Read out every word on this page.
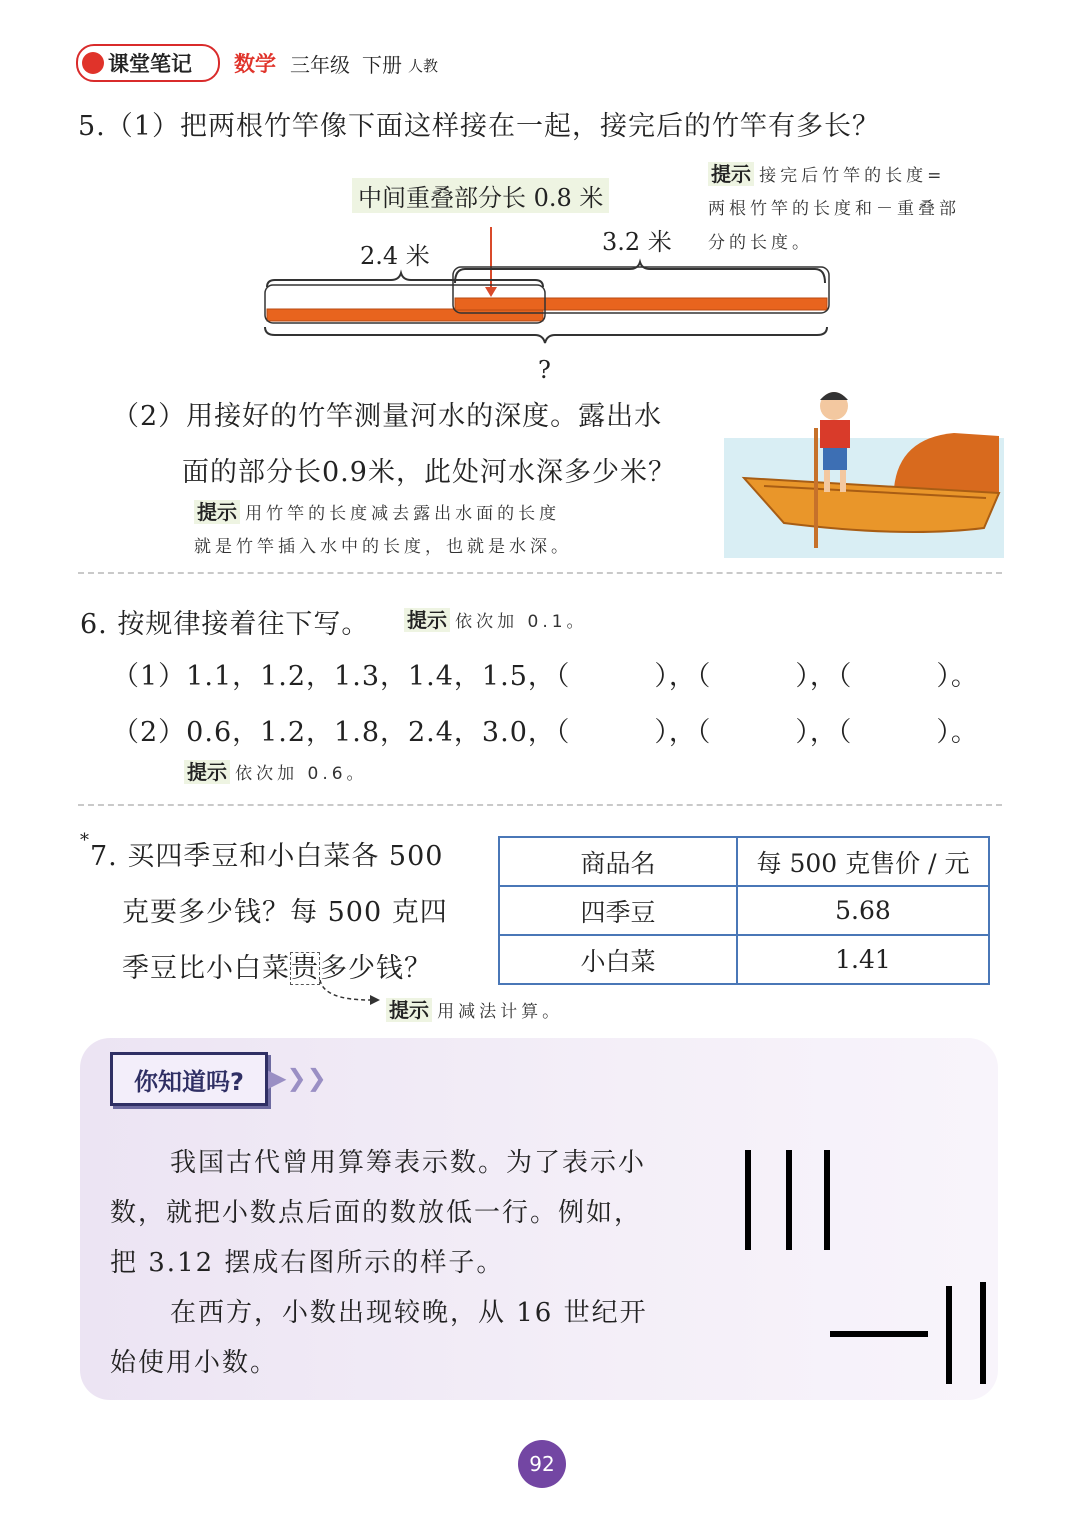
课堂笔记 数学 三年级 下册 人教
5.（1）把两根竹竿像下面这样接在一起，接完后的竹竿有多长？
中间重叠部分长 0.8 米
2.4 米	3.2 米
?
提示 接完后竹竿的长度=
两根竹竿的长度和－重叠部
分的长度。
（2）用接好的竹竿测量河水的深度。露出水
面的部分长0.9米，此处河水深多少米？
提示 用竹竿的长度减去露出水面的长度
就是竹竿插入水中的长度，也就是水深。
6. 按规律接着往下写。 提示 依次加 0.1。
（1）1.1，1.2，1.3，1.4，1.5，（　　　），（　　　），（　　　）。
（2）0.6，1.2，1.8，2.4，3.0，（　　　），（　　　），（　　　）。
提示 依次加 0.6。
*
7. 买四季豆和小白菜各 500
克要多少钱？每 500 克四
季豆比小白菜贵多少钱？
提示 用减法计算。
商品名	每 500 克售价 / 元
四季豆	5.68
小白菜	1.41
你知道吗?	▶❯❯
我国古代曾用算筹表示数。为了表示小
数，就把小数点后面的数放低一行。例如，
把 3.12 摆成右图所示的样子。
在西方，小数出现较晚，从 16 世纪开
始使用小数。
92
